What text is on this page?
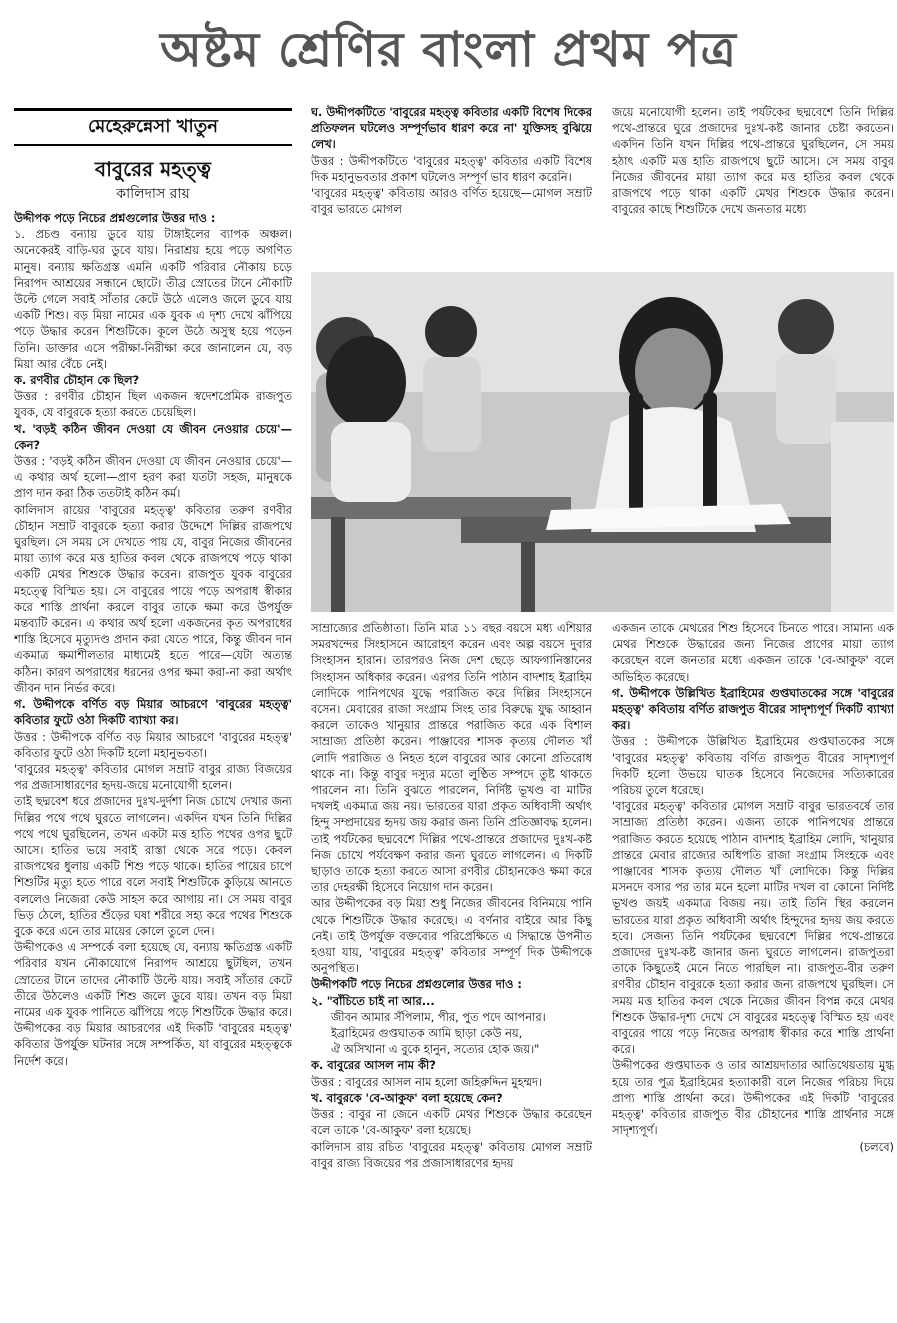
অষ্টম শ্রেণির বাংলা প্রথম পত্র
মেহেরুন্নেসা খাতুন
বাবুরের মহত্ত্ব
কালিদাস রায়

উদ্দীপক পড়ে নিচের প্রশ্নগুলোর উত্তর দাও :

১. প্রচণ্ড বন্যায় ডুবে যায় টাঙ্গাইলের ব্যাপক অঞ্চল। অনেকেরই বাড়ি-ঘর ডুবে যায়। নিরাশ্রয় হয়ে পড়ে অগণিত মানুষ। বন্যায় ক্ষতিগ্রস্ত এমনি একটি পরিবার নৌকায় চড়ে নিরাপদ আশ্রয়ের সন্ধানে ছোটে। তীব্র স্রোতের টানে নৌকাটি উল্টে গেলে সবাই সাঁতার কেটে উঠে এলেও জলে ডুবে যায় একটি শিশু। বড় মিয়া নামের এক যুবক এ দৃশ্য দেখে ঝাঁপিয়ে পড়ে উদ্ধার করেন শিশুটিকে। কূলে উঠে অসুস্থ হয়ে পড়েন তিনি। ডাক্তার এসে পরীক্ষা-নিরীক্ষা করে জানালেন যে, বড় মিয়া আর বেঁচে নেই।

ক. রণবীর চৌহান কে ছিল?

উত্তর : রণবীর চৌহান ছিল একজন স্বদেশপ্রেমিক রাজপুত যুবক, যে বাবুরকে হত্যা করতে চেয়েছিল।

খ. 'বড়ই কঠিন জীবন দেওয়া যে জীবন নেওয়ার চেয়ে'—কেন?

উত্তর : 'বড়ই কঠিন জীবন দেওয়া যে জীবন নেওয়ার চেয়ে'—এ কথার অর্থ হলো—প্রাণ হরণ করা যতটা সহজ, মানুষকে প্রাণ দান করা ঠিক ততটাই কঠিন কর্ম।

কালিদাস রায়ের 'বাবুরের মহত্ত্ব' কবিতার তরুণ রণবীর চৌহান সম্রাট বাবুরকে হত্যা করার উদ্দেশে দিল্লির রাজপথে ঘুরছিল। সে সময় সে দেখতে পায় যে, বাবুর নিজের জীবনের মায়া ত্যাগ করে মত্ত হাতির কবল থেকে রাজপথে পড়ে থাকা একটি মেথর শিশুকে উদ্ধার করেন। রাজপুত যুবক বাবুরের মহত্ত্বে বিস্মিত হয়। সে বাবুরের পায়ে পড়ে অপরাধ স্বীকার করে শাস্তি প্রার্থনা করলে বাবুর তাকে ক্ষমা করে উপর্যুক্ত মন্তব্যটি করেন। এ কথার অর্থ হলো একজনের কৃত অপরাধের শাস্তি হিসেবে মৃত্যুদণ্ড প্রদান করা যেতে পারে, কিন্তু জীবন দান একমাত্র ক্ষমাশীলতার মাধ্যমেই হতে পারে—যেটা অত্যন্ত কঠিন। কারণ অপরাধের ধরনের ওপর ক্ষমা করা-না করা অর্থাৎ জীবন দান নির্ভর করে।

গ. উদ্দীপকে বর্ণিত বড় মিয়ার আচরণে 'বাবুরের মহত্ত্ব' কবিতার ফুটে ওঠা দিকটি ব্যাখ্যা কর।

উত্তর : উদ্দীপকে বর্ণিত বড় মিয়ার আচরণে 'বাবুরের মহত্ত্ব' কবিতার ফুটে ওঠা দিকটি হলো মহানুভবতা।

'বাবুরের মহত্ত্ব' কবিতার মোগল সম্রাট বাবুর রাজ্য বিজয়ের পর প্রজাসাধারণের হৃদয়-জয়ে মনোযোগী হলেন।

তাই ছদ্মবেশ ধরে প্রজাদের দুঃখ-দুর্দশা নিজ চোখে দেখার জন্য দিল্লির পথে পথে ঘুরতে লাগলেন। একদিন যখন তিনি দিল্লির পথে পথে ঘুরছিলেন, তখন একটা মত্ত হাতি পথের ওপর ছুটে আসে। হাতির ভয়ে সবাই রাস্তা থেকে সরে পড়ে। কেবল রাজপথের ধুলায় একটি শিশু পড়ে থাকে। হাতির পায়ের চাপে শিশুটির মৃত্যু হতে পারে বলে সবাই শিশুটিকে কুড়িয়ে আনতে বললেও নিজেরা কেউ সাহস করে আগায় না। সে সময় বাবুর ভিড় ঠেলে, হাতির শুঁড়ের ঘষা শরীরে সহ্য করে পথের শিশুকে বুকে করে এনে তার মায়ের কোলে তুলে দেন।

উদ্দীপকেও এ সম্পর্কে বলা হয়েছে যে, বন্যায় ক্ষতিগ্রস্ত একটি পরিবার যখন নৌকাযোগে নিরাপদ আশ্রয়ে ছুটছিল, তখন স্রোতের টানে তাদের নৌকাটি উল্টে যায়। সবাই সাঁতার কেটে তীরে উঠলেও একটি শিশু জলে ডুবে যায়। তখন বড় মিয়া নামের এক যুবক পানিতে ঝাঁপিয়ে পড়ে শিশুটিকে উদ্ধার করে। উদ্দীপকের বড় মিয়ার আচরণের এই দিকটি 'বাবুরের মহত্ত্ব' কবিতার উপর্যুক্ত ঘটনার সঙ্গে সম্পর্কিত, যা বাবুরের মহত্ত্বকে নির্দেশ করে।

ঘ. উদ্দীপকটিতে 'বাবুরের মহত্ত্ব কবিতার একটি বিশেষ দিকের প্রতিফলন ঘটলেও সম্পূর্ণভাব ধারণ করে না' যুক্তিসহ বুঝিয়ে লেখ।

উত্তর : উদ্দীপকটিতে 'বাবুরের মহত্ত্ব' কবিতার একটি বিশেষ দিক মহানুভবতার প্রকাশ ঘটলেও সম্পূর্ণ ভাব ধারণ করেনি।

'বাবুরের মহত্ত্ব' কবিতায় আরও বর্ণিত হয়েছে—মোগল সম্রাট বাবুর ভারতে মোগল

জয়ে মনোযোগী হলেন। তাই পর্যটকের ছদ্মবেশে তিনি দিল্লির পথে-প্রান্তরে ঘুরে প্রজাদের দুঃখ-কষ্ট জানার চেষ্টা করতেন। একদিন তিনি যখন দিল্লির পথে-প্রান্তরে ঘুরছিলেন, সে সময় হঠাৎ একটি মত্ত হাতি রাজপথে ছুটে আসে। সে সময় বাবুর নিজের জীবনের মায়া ত্যাগ করে মত্ত হাতির কবল থেকে রাজপথে পড়ে থাকা একটি মেথর শিশুকে উদ্ধার করেন। বাবুরের কাছে শিশুটিকে দেখে জনতার মধ্যে

সাম্রাজ্যের প্রতিষ্ঠাতা। তিনি মাত্র ১১ বছর বয়সে মধ্য এশিয়ার সমরখন্দের সিংহাসনে আরোহণ করেন এবং অল্প বয়সে দুবার সিংহাসন হারান। তারপরও নিজ দেশ ছেড়ে আফগানিস্তানের সিংহাসন অধিকার করেন। এরপর তিনি পাঠান বাদশাহ ইব্রাহিম লোদিকে পানিপথের যুদ্ধে পরাজিত করে দিল্লির সিংহাসনে বসেন। মেবারের রাজা সংগ্রাম সিংহ তার বিরুদ্ধে যুদ্ধ আহ্বান করলে তাকেও খানুয়ার প্রান্তরে পরাজিত করে এক বিশাল সাম্রাজ্য প্রতিষ্ঠা করেন। পাঞ্জাবের শাসক কৃত্যয় দৌলত খাঁ লোদি পরাজিত ও নিহত হলে বাবুরের আর কোনো প্রতিরোধ থাকে না। কিন্তু বাবুর দস্যুর মতো লুণ্ঠিত সম্পদে তুষ্ট থাকতে পারলেন না। তিনি বুঝতে পারলেন, নির্দিষ্ট ভূখণ্ড বা মাটির দখলই একমাত্র জয় নয়। ভারতের যারা প্রকৃত অধিবাসী অর্থাৎ হিন্দু সম্প্রদায়ের হৃদয় জয় করার জন্য তিনি প্রতিজ্ঞাবদ্ধ হলেন। তাই পর্যটকের ছদ্মবেশে দিল্লির পথে-প্রান্তরে প্রজাদের দুঃখ-কষ্ট নিজ চোখে পর্যবেক্ষণ করার জন্য ঘুরতে লাগলেন। এ দিকটি ছাড়াও তাকে হত্যা করতে আসা রণবীর চৌহানকেও ক্ষমা করে তার দেহরক্ষী হিসেবে নিয়োগ দান করেন।

আর উদ্দীপকের বড় মিয়া শুধু নিজের জীবনের বিনিময়ে পানি থেকে শিশুটিকে উদ্ধার করেছে। এ বর্ণনার বাইরে আর কিছু নেই। তাই উপর্যুক্ত বক্তব্যের পরিপ্রেক্ষিতে এ সিদ্ধান্তে উপনীত হওয়া যায়, 'বাবুরের মহত্ত্ব' কবিতার সম্পূর্ণ দিক উদ্দীপকে অনুপস্থিত।

উদ্দীপকটি পড়ে নিচের প্রশ্নগুলোর উত্তর দাও :

২. "বাঁচিতে চাই না আর...

জীবন আমার সঁপিলাম, পীর, পুত পদে আপনার।

ইব্রাহিমের গুপ্তঘাতক আমি ছাড়া কেউ নয়,

ঐ অসিখানা এ বুকে হানুন, সত্যের হোক জয়।"

ক. বাবুরের আসল নাম কী?

উত্তর : বাবুরের আসল নাম হলো জহিরুদ্দিন মুহম্মদ।

খ. বাবুরকে 'বে-আকুফ' বলা হয়েছে কেন?

উত্তর : বাবুর না জেনে একটি মেথর শিশুকে উদ্ধার করেছেন বলে তাকে 'বে-আকুফ' বলা হয়েছে।

কালিদাস রায় রচিত 'বাবুরের মহত্ত্ব' কবিতায় মোগল সম্রাট বাবুর রাজ্য বিজয়ের পর প্রজাসাধারণের হৃদয়

একজন তাকে মেথরের শিশু হিসেবে চিনতে পারে। সামান্য এক মেথর শিশুকে উদ্ধারের জন্য নিজের প্রাণের মায়া ত্যাগ করেছেন বলে জনতার মধ্যে একজন তাকে 'বে-আকুফ' বলে অভিহিত করেছে।

গ. উদ্দীপকে উল্লিখিত ইব্রাহিমের গুপ্তঘাতকের সঙ্গে 'বাবুরের মহত্ত্ব' কবিতায় বর্ণিত রাজপুত বীরের সাদৃশ্যপূর্ণ দিকটি ব্যাখ্যা কর।

উত্তর : উদ্দীপকে উল্লিখিত ইব্রাহিমের গুপ্তঘাতকের সঙ্গে 'বাবুরের মহত্ত্ব' কবিতায় বর্ণিত রাজপুত বীরের সাদৃশ্যপূর্ণ দিকটি হলো উভয়ে ঘাতক হিসেবে নিজেদের সত্যিকারের পরিচয় তুলে ধরেছে।

'বাবুরের মহত্ত্ব' কবিতার মোগল সম্রাট বাবুর ভারতবর্ষে তার সাম্রাজ্য প্রতিষ্ঠা করেন। এজন্য তাকে পানিপথের প্রান্তরে পরাজিত করতে হয়েছে পাঠান বাদশাহ ইব্রাহিম লোদি, খানুয়ার প্রান্তরে মেবার রাজ্যের অধিপতি রাজা সংগ্রাম সিংহকে এবং পাঞ্জাবের শাসক কৃত্যয় দৌলত খাঁ লোদিকে। কিন্তু দিল্লির মসনদে বসার পর তার মনে হলো মাটির দখল বা কোনো নির্দিষ্ট ভূখণ্ড জয়ই একমাত্র বিজয় নয়। তাই তিনি স্থির করলেন ভারতের যারা প্রকৃত অধিবাসী অর্থাৎ হিন্দুদের হৃদয় জয় করতে হবে। সেজন্য তিনি পর্যটকের ছদ্মবেশে দিল্লির পথে-প্রান্তরে প্রজাদের দুঃখ-কষ্ট জানার জন্য ঘুরতে লাগলেন। রাজপুতরা তাকে কিছুতেই মেনে নিতে পারছিল না। রাজপুত-বীর তরুণ রণবীর চৌহান বাবুরকে হত্যা করার জন্য রাজপথে ঘুরছিল। সে সময় মত্ত হাতির কবল থেকে নিজের জীবন বিপন্ন করে মেথর শিশুকে উদ্ধার-দৃশ্য দেখে সে বাবুরের মহত্ত্বে বিস্মিত হয় এবং বাবুরের পায়ে পড়ে নিজের অপরাধ স্বীকার করে শাস্তি প্রার্থনা করে।

উদ্দীপকের গুপ্তঘাতক ও তার আশ্রয়দাতার আতিথেয়তায় মুগ্ধ হয়ে তার পুত্র ইব্রাহিমের হত্যাকারী বলে নিজের পরিচয় দিয়ে প্রাপ্য শাস্তি প্রার্থনা করে। উদ্দীপকের এই দিকটি 'বাবুরের মহত্ত্ব' কবিতার রাজপুত বীর চৌহানের শাস্তি প্রার্থনার সঙ্গে সাদৃশ্যপূর্ণ।

(চলবে)
